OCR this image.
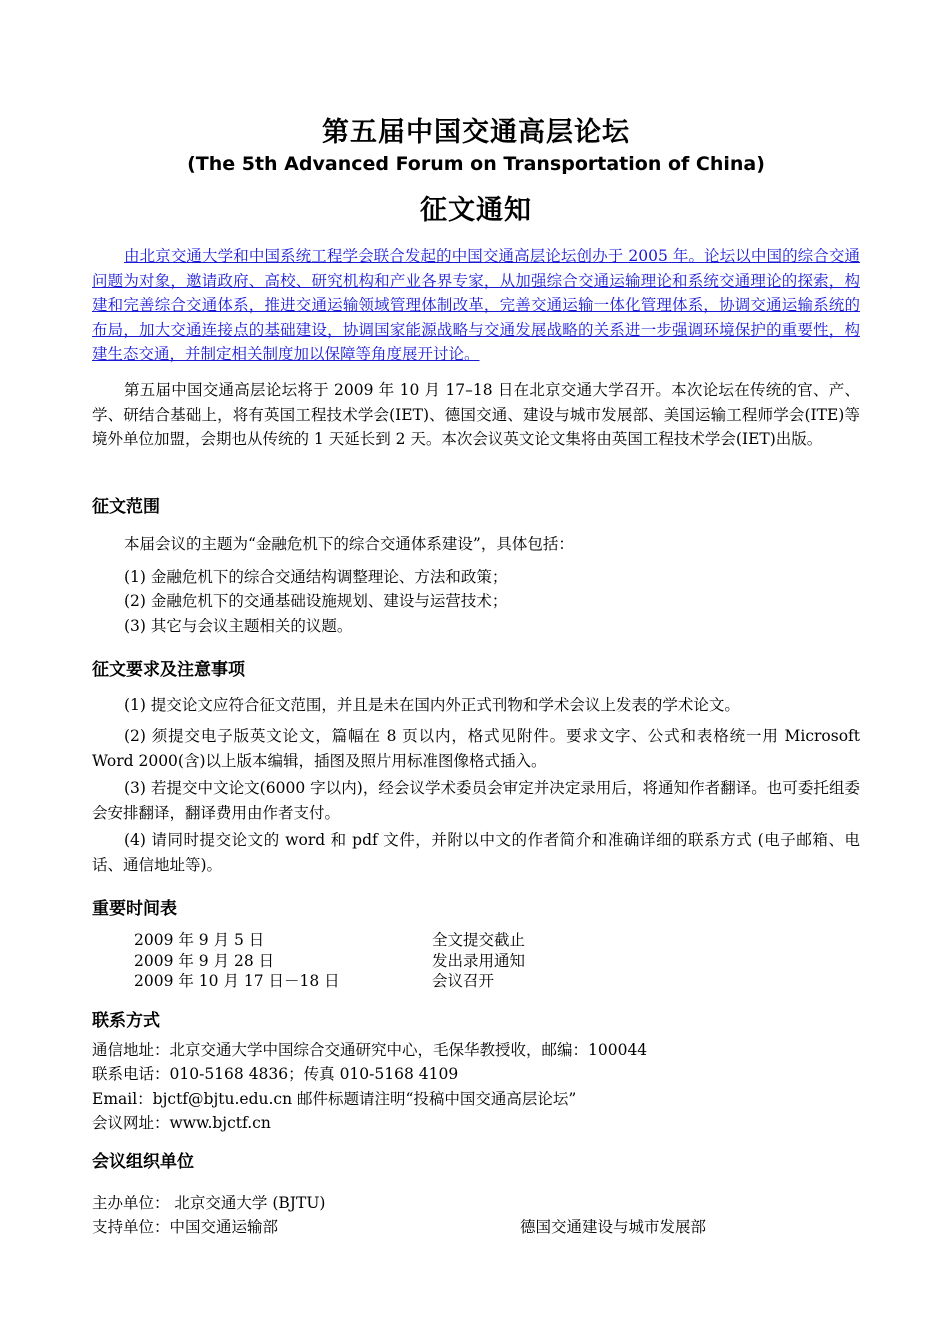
第五届中国交通高层论坛
(The 5th Advanced Forum on Transportation of China)
征文通知
由北京交通大学和中国系统工程学会联合发起的中国交通高层论坛创办于 2005 年。论坛以中国的综合交通问题为对象，邀请政府、高校、研究机构和产业各界专家，从加强综合交通运输理论和系统交通理论的探索，构建和完善综合交通体系，推进交通运输领域管理体制改革，完善交通运输一体化管理体系，协调交通运输系统的布局，加大交通连接点的基础建设，协调国家能源战略与交通发展战略的关系进一步强调环境保护的重要性，构建生态交通，并制定相关制度加以保障等角度展开讨论。
第五届中国交通高层论坛将于 2009 年 10 月 17–18 日在北京交通大学召开。本次论坛在传统的官、产、学、研结合基础上，将有英国工程技术学会(IET)、德国交通、建设与城市发展部、美国运输工程师学会(ITE)等境外单位加盟，会期也从传统的 1 天延长到 2 天。本次会议英文论文集将由英国工程技术学会(IET)出版。
征文范围
本届会议的主题为“金融危机下的综合交通体系建设”，具体包括：
(1) 金融危机下的综合交通结构调整理论、方法和政策；
(2) 金融危机下的交通基础设施规划、建设与运营技术；
(3) 其它与会议主题相关的议题。
征文要求及注意事项
(1) 提交论文应符合征文范围，并且是未在国内外正式刊物和学术会议上发表的学术论文。
(2) 须提交电子版英文论文，篇幅在 8 页以内，格式见附件。要求文字、公式和表格统一用 Microsoft Word 2000(含)以上版本编辑，插图及照片用标准图像格式插入。
(3) 若提交中文论文(6000 字以内)，经会议学术委员会审定并决定录用后，将通知作者翻译。也可委托组委会安排翻译，翻译费用由作者支付。
(4) 请同时提交论文的 word 和 pdf 文件，并附以中文的作者简介和准确详细的联系方式 (电子邮箱、电话、通信地址等)。
重要时间表
2009 年 9 月 5 日	全文提交截止
2009 年 9 月 28 日	发出录用通知
2009 年 10 月 17 日－18 日	会议召开
联系方式
通信地址：北京交通大学中国综合交通研究中心，毛保华教授收，邮编：100044
联系电话：010-5168 4836；传真 010-5168 4109
Email：bjctf@bjtu.edu.cn 邮件标题请注明“投稿中国交通高层论坛”
会议网址：www.bjctf.cn
会议组织单位
主办单位： 北京交通大学 (BJTU)
支持单位：中国交通运输部	德国交通建设与城市发展部
